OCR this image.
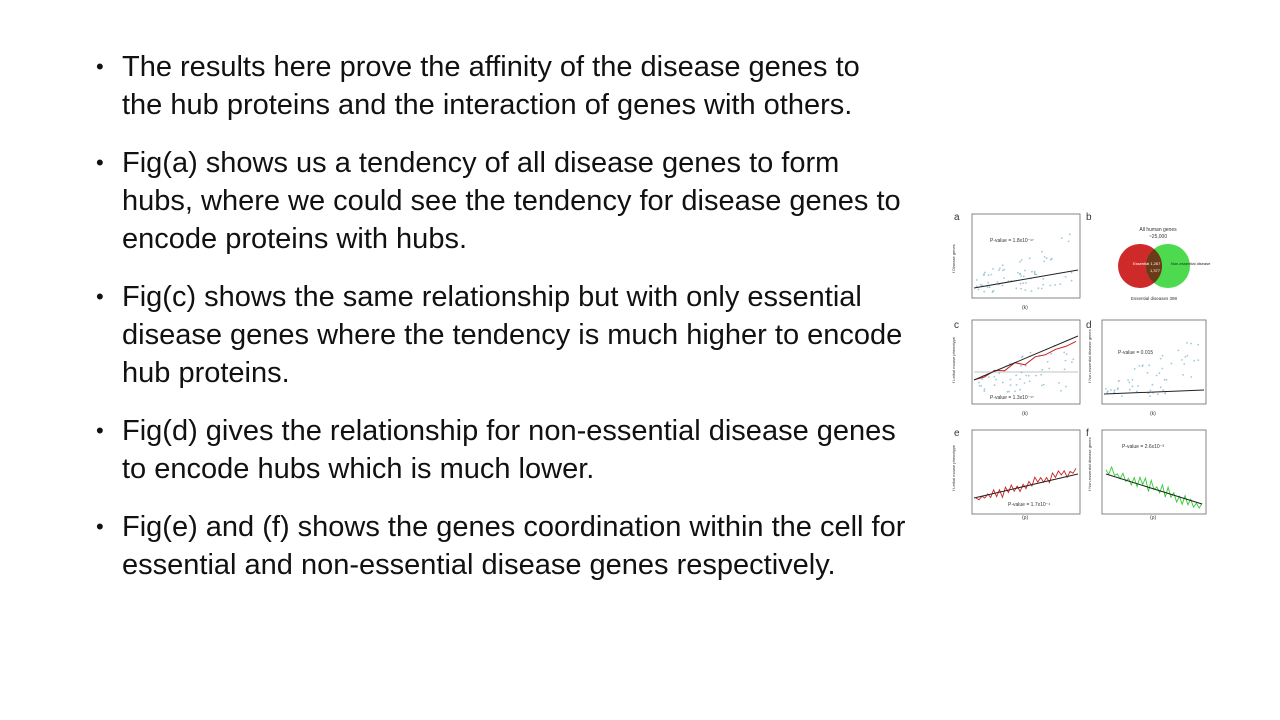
• The results here prove the affinity of the disease genes to the hub proteins and the interaction of genes with others.
• Fig(a) shows us a tendency of all disease genes to form hubs, where we could see the tendency for disease genes to encode proteins with hubs.
• Fig(c) shows the same relationship but with only essential disease genes where the tendency is much higher to encode hub proteins.
• Fig(d) gives the relationship for non-essential disease genes to encode hubs which is much lower.
• Fig(e) and (f) shows the genes coordination within the cell for essential and non-essential disease genes respectively.
a
f Disease genes
P-value = 1.8x10⁻¹⁷
(k)
b
All human genes
~25,000
Essential 1,267	Non-essential disease
1,377
Essential diseases 398
c
f Lethal mouse phenotype
P-value = 1.3x10⁻¹⁷
(k)
d
f Non-essential disease genes	P-value = 0.015
(k)
e
f Lethal mouse phenotype
P-value = 1.7x10⁻⁴
(ρ)
f
f Non-essential disease genes	P-value = 2.6x10⁻³
(ρ)
